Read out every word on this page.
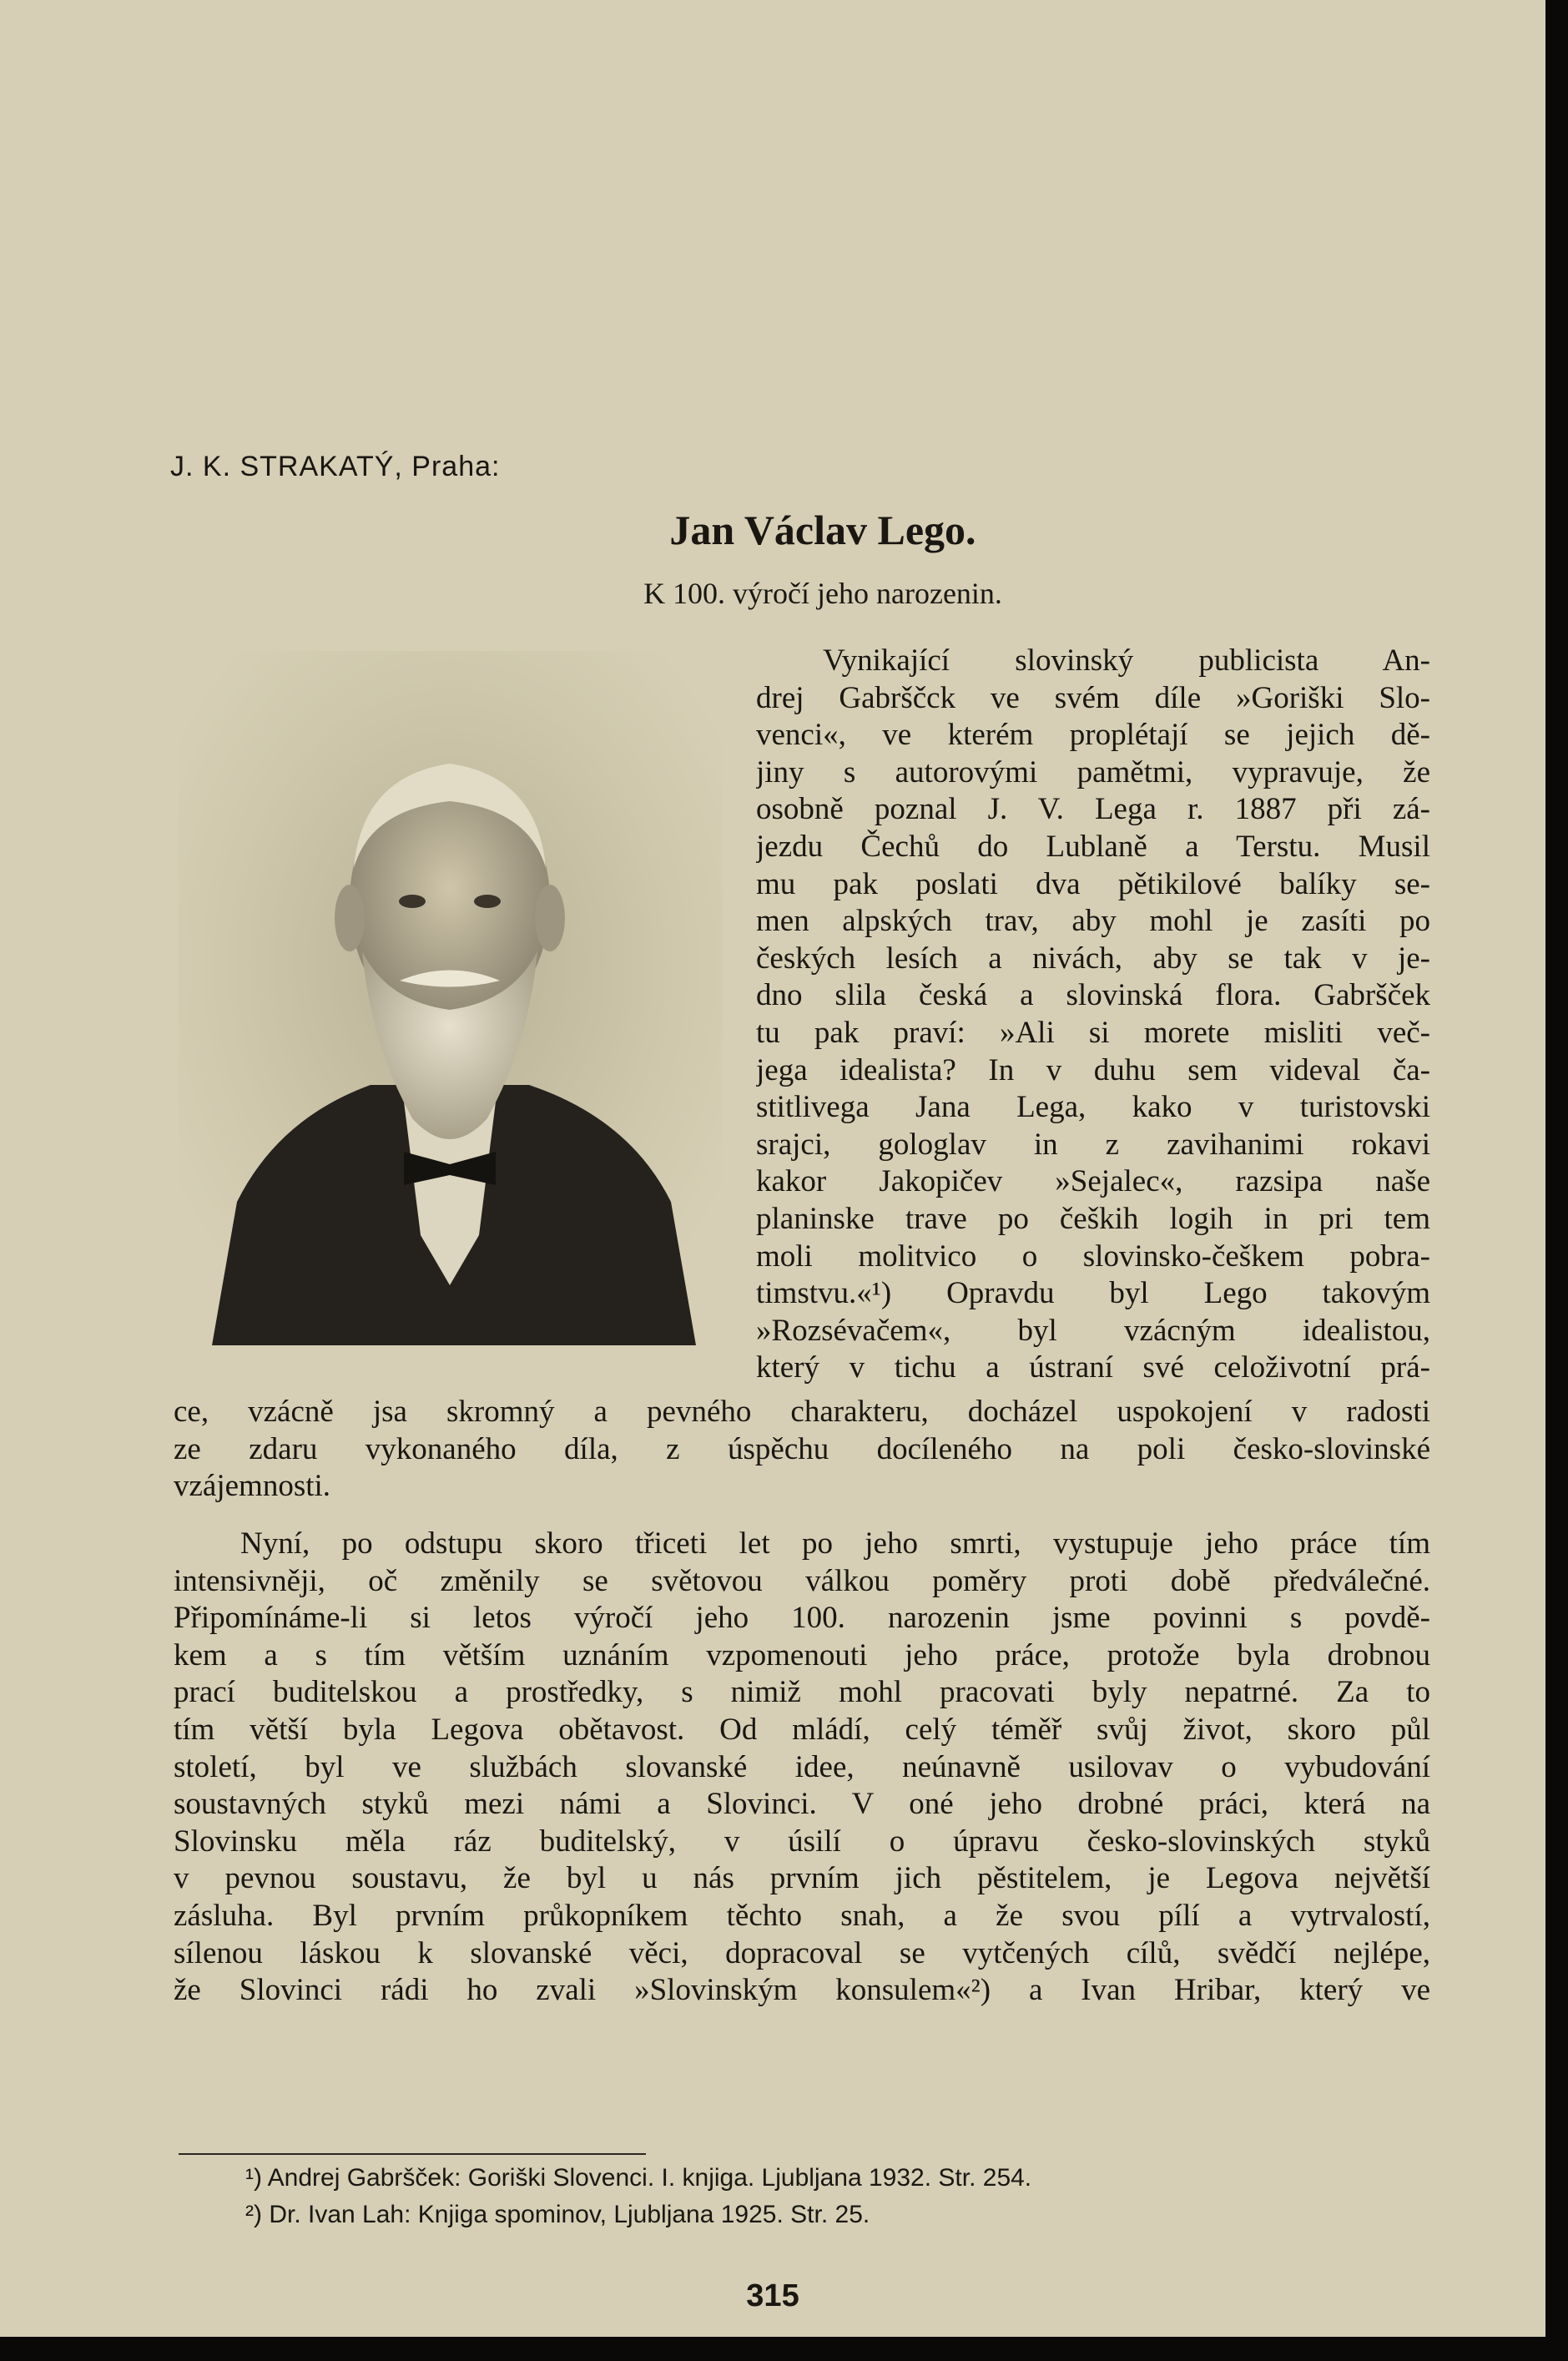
J. K. STRAKATÝ, Praha:
Jan Václav Lego.
K 100. výročí jeho narozenin.
Vynikající slovinský publicista An-
drej Gabrščck ve svém díle »Goriški Slo-
venci«, ve kterém proplétají se jejich dě-
jiny s autorovými pamětmi, vypravuje, že
osobně poznal J. V. Lega r. 1887 při zá-
jezdu Čechů do Lublaně a Terstu. Musil
mu pak poslati dva pětikilové balíky se-
men alpských trav, aby mohl je zasíti po
českých lesích a nivách, aby se tak v je-
dno slila česká a slovinská flora. Gabršček
tu pak praví: »Ali si morete misliti več-
jega idealista? In v duhu sem videval ča-
stitlivega Jana Lega, kako v turistovski
srajci, gologlav in z zavihanimi rokavi
kakor Jakopičev »Sejalec«, razsipa naše
planinske trave po čeških logih in pri tem
moli molitvico o slovinsko-češkem pobra-
timstvu.«¹) Opravdu byl Lego takovým
»Rozsévačem«, byl vzácným idealistou,
který v tichu a ústraní své celoživotní prá-
ce, vzácně jsa skromný a pevného charakteru, docházel uspokojení v radosti
ze zdaru vykonaného díla, z úspěchu docíleného na poli česko-slovinské
vzájemnosti.
Nyní, po odstupu skoro třiceti let po jeho smrti, vystupuje jeho práce tím
intensivněji, oč změnily se světovou válkou poměry proti době předválečné.
Připomínáme-li si letos výročí jeho 100. narozenin jsme povinni s povdě-
kem a s tím větším uznáním vzpomenouti jeho práce, protože byla drobnou
prací buditelskou a prostředky, s nimiž mohl pracovati byly nepatrné. Za to
tím větší byla Legova obětavost. Od mládí, celý téměř svůj život, skoro půl
století, byl ve službách slovanské idee, neúnavně usilovav o vybudování
soustavných styků mezi námi a Slovinci. V oné jeho drobné práci, která na
Slovinsku měla ráz buditelský, v úsilí o úpravu česko-slovinských styků
v pevnou soustavu, že byl u nás prvním jich pěstitelem, je Legova největší
zásluha. Byl prvním průkopníkem těchto snah, a že svou pílí a vytrvalostí,
sílenou láskou k slovanské věci, dopracoval se vytčených cílů, svědčí nejlépe,
že Slovinci rádi ho zvali »Slovinským konsulem«²) a Ivan Hribar, který ve
¹) Andrej Gabršček: Goriški Slovenci. I. knjiga. Ljubljana 1932. Str. 254.
²) Dr. Ivan Lah: Knjiga spominov, Ljubljana 1925. Str. 25.
315
